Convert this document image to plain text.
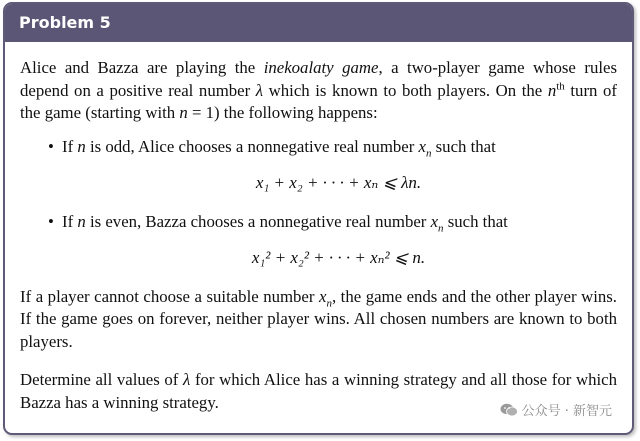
Problem 5

Alice and Bazza are playing the inekoalaty game, a two-player game whose rules depend on a positive real number λ which is known to both players. On the $n^{th}$ turn of the game (starting with n = 1) the following happens:

• If n is odd, Alice chooses a nonnegative real number $x_n$ such that
x₁ + x₂ + · · · + xₙ ⩽ λn.
• If n is even, Bazza chooses a nonnegative real number $x_n$ such that
x₁² + x₂² + · · · + xₙ² ⩽ n.

If a player cannot choose a suitable number $x_n$, the game ends and the other player wins. If the game goes on forever, neither player wins. All chosen numbers are known to both players.

Determine all values of λ for which Alice has a winning strategy and all those for which Bazza has a winning strategy.	公众号 · 新智元
